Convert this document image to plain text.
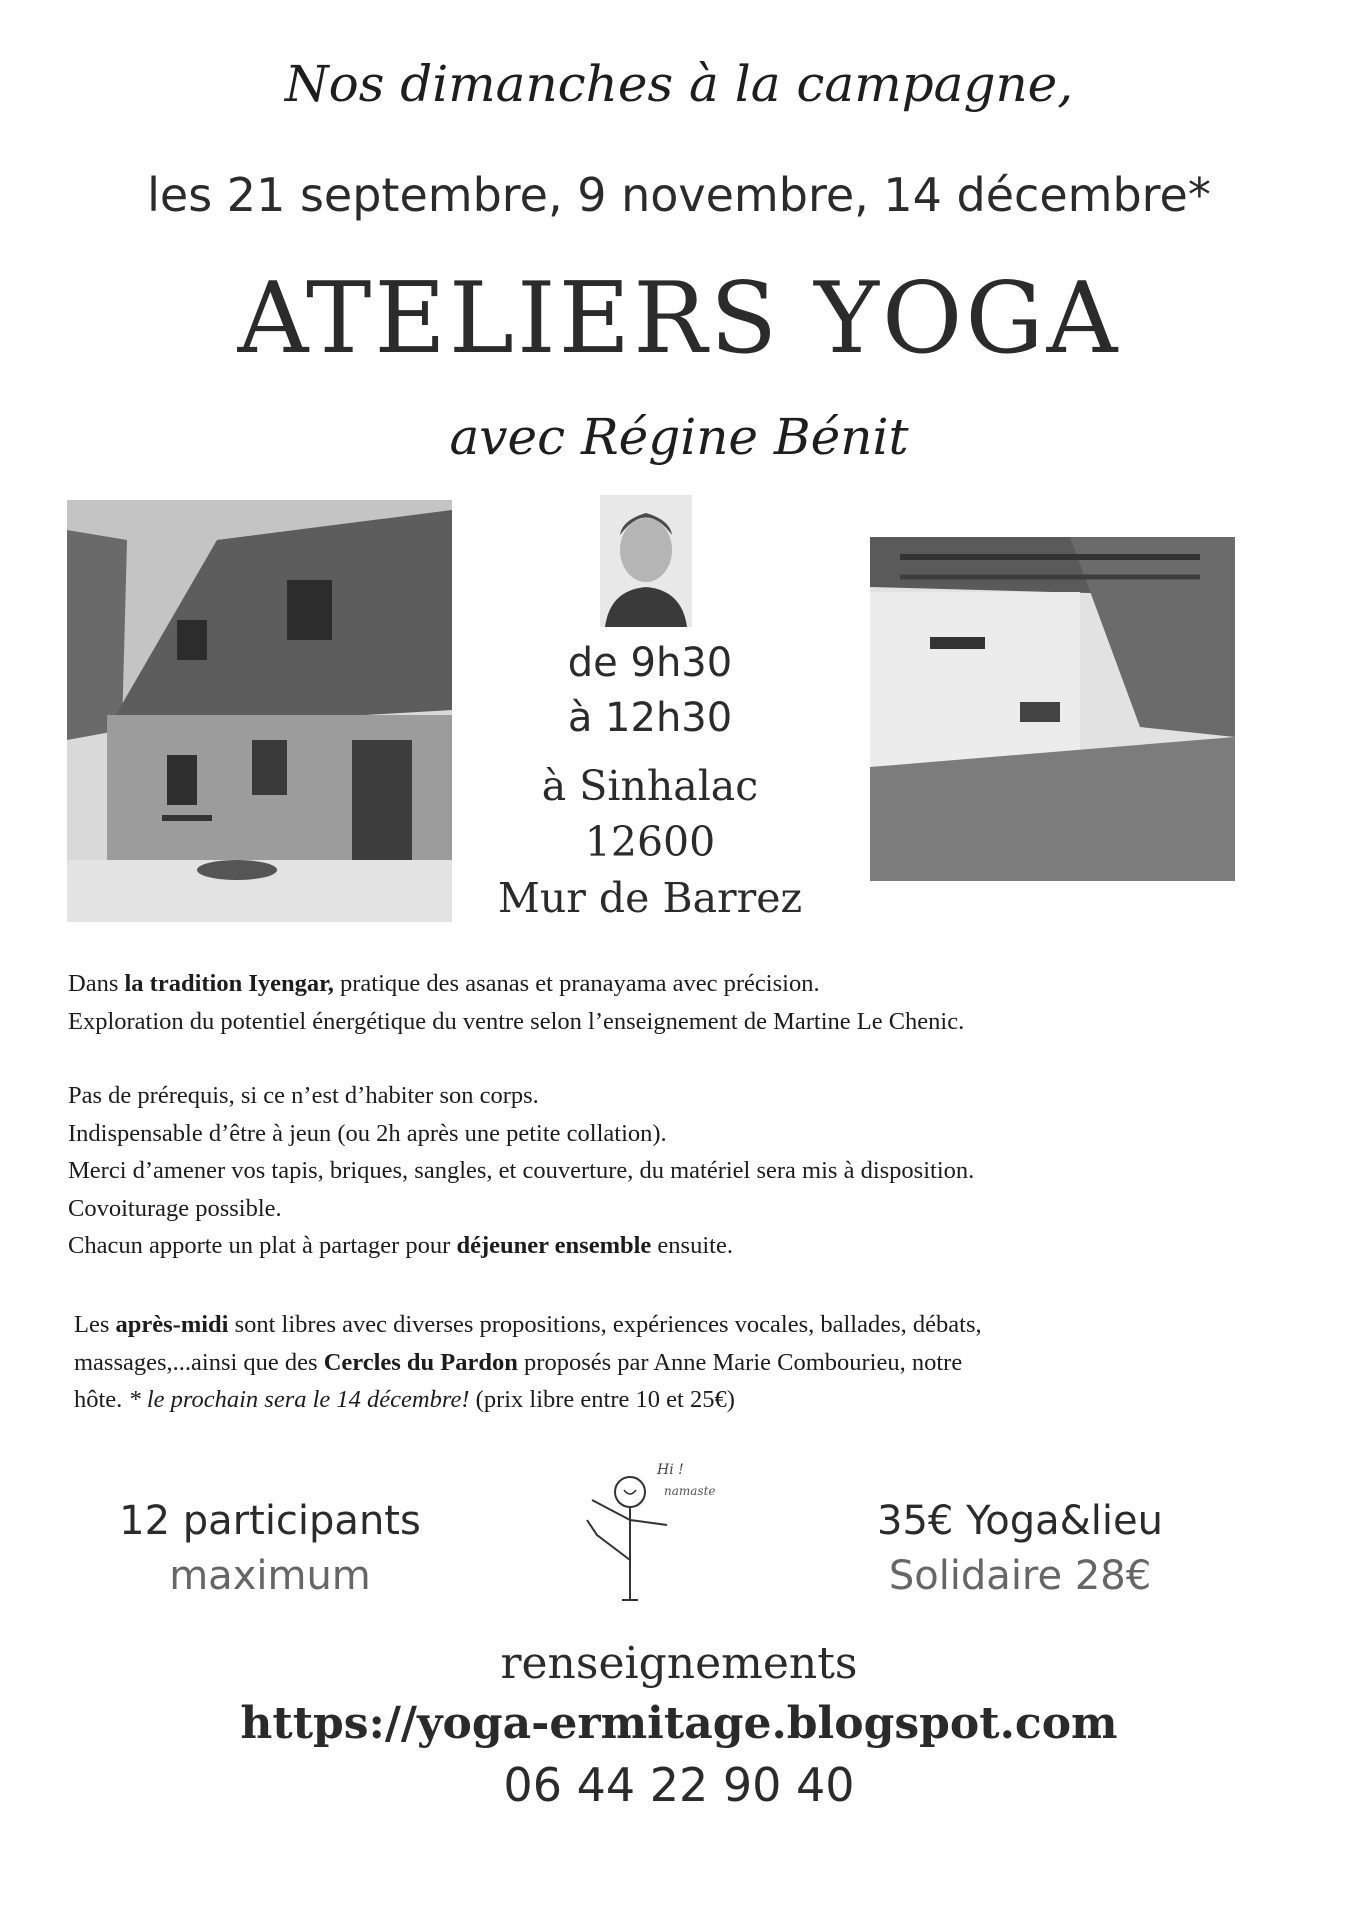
Nos dimanches à la campagne,
les 21 septembre, 9 novembre, 14 décembre*
ATELIERS YOGA
avec Régine Bénit
de 9h30
à 12h30
à Sinhalac
12600
Mur de Barrez
Dans la tradition Iyengar, pratique des asanas et pranayama avec précision.
Exploration du potentiel énergétique du ventre selon l’enseignement de Martine Le Chenic.
Pas de prérequis, si ce n’est d’habiter son corps.
Indispensable d’être à jeun (ou 2h après une petite collation).
Merci d’amener vos tapis, briques, sangles, et couverture, du matériel sera mis à disposition.
Covoiturage possible.
Chacun apporte un plat à partager pour déjeuner ensemble ensuite.
Les après-midi sont libres avec diverses propositions, expériences vocales, ballades, débats,
massages,...ainsi que des Cercles du Pardon proposés par Anne Marie Combourieu, notre
hôte. * le prochain sera le 14 décembre! (prix libre entre 10 et 25€)
12 participants
maximum
35€ Yoga&lieu
Solidaire 28€
Hi !
namaste
renseignements
https://yoga-ermitage.blogspot.com
06 44 22 90 40
